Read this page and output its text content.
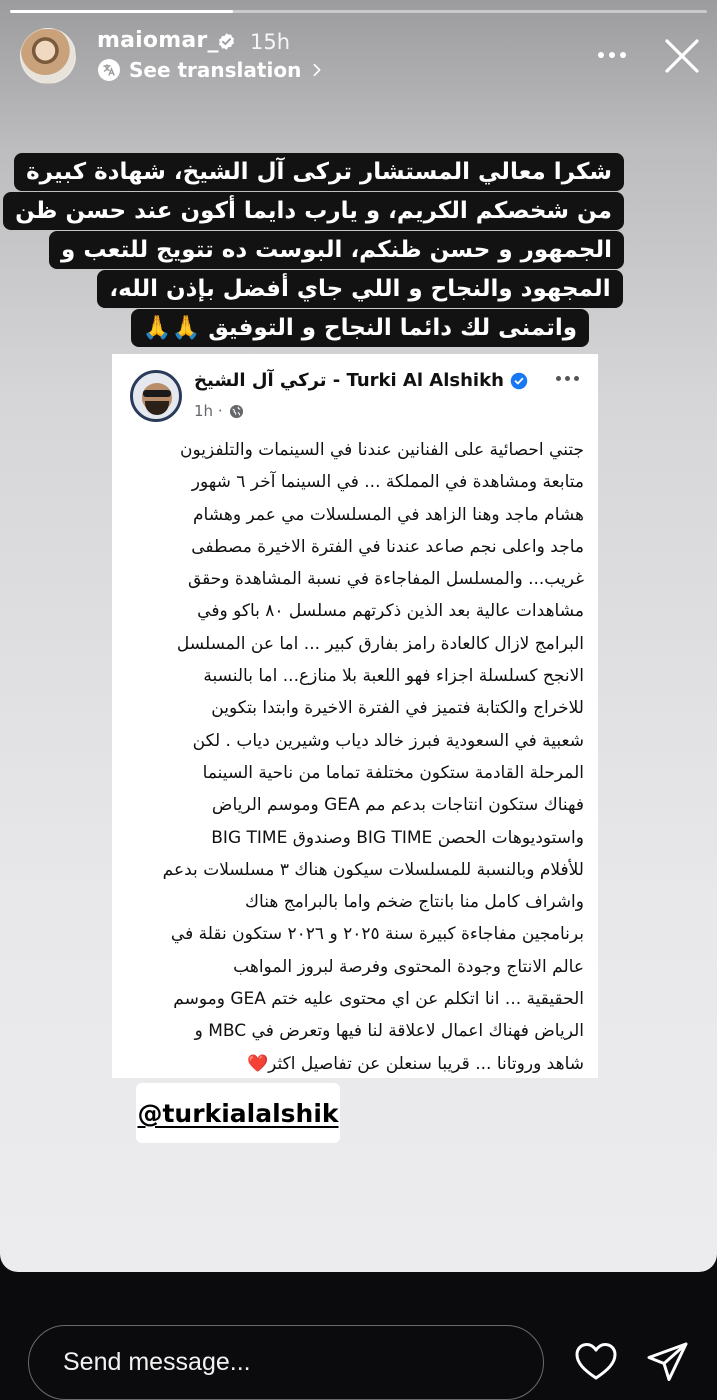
maiomar_ 15h
See translation
شكرا معالي المستشار تركى آل الشيخ، شهادة كبيرة
من شخصكم الكريم، و يارب دايما أكون عند حسن ظن
الجمهور و حسن ظنكم، البوست ده تتويج للتعب و
المجهود والنجاح و اللي جاي أفضل بإذن الله،
واتمنى لك دائما النجاح و التوفيق 🙏🙏
تركي آل الشيخ - Turki Al Alshikh
1h ·
جتني احصائية على الفنانين عندنا في السينمات والتلفزيون
متابعة ومشاهدة في المملكة ... في السينما آخر ٦ شهور
هشام ماجد وهنا الزاهد في المسلسلات مي عمر وهشام
ماجد واعلى نجم صاعد عندنا في الفترة الاخيرة مصطفى
غريب... والمسلسل المفاجاءة في نسبة المشاهدة وحقق
مشاهدات عالية بعد الذين ذكرتهم مسلسل ٨٠ باكو وفي
البرامج لازال كالعادة رامز بفارق كبير ... اما عن المسلسل
الانجح كسلسلة اجزاء فهو اللعبة بلا منازع... اما بالنسبة
للاخراج والكتابة فتميز في الفترة الاخيرة وابتدا بتكوين
شعبية في السعودية فبرز خالد دياب وشيرين دياب . لكن
المرحلة القادمة ستكون مختلفة تماما من ناحية السينما
فهناك ستكون انتاجات بدعم مم GEA وموسم الرياض
واستوديوهات الحصن BIG TIME وصندوق BIG TIME
للأفلام وبالنسبة للمسلسلات سيكون هناك ٣ مسلسلات بدعم
واشراف كامل منا بانتاج ضخم واما بالبرامج هناك
برنامجين مفاجاءة كبيرة سنة ٢٠٢٥ و ٢٠٢٦ ستكون نقلة في
عالم الانتاج وجودة المحتوى وفرصة لبروز المواهب
الحقيقية ... انا اتكلم عن اي محتوى عليه ختم GEA وموسم
الرياض فهناك اعمال لاعلاقة لنا فيها وتعرض في MBC و
شاهد وروتانا ... قريبا سنعلن عن تفاصيل اكثر❤️
@turkialalshik
Send message...
